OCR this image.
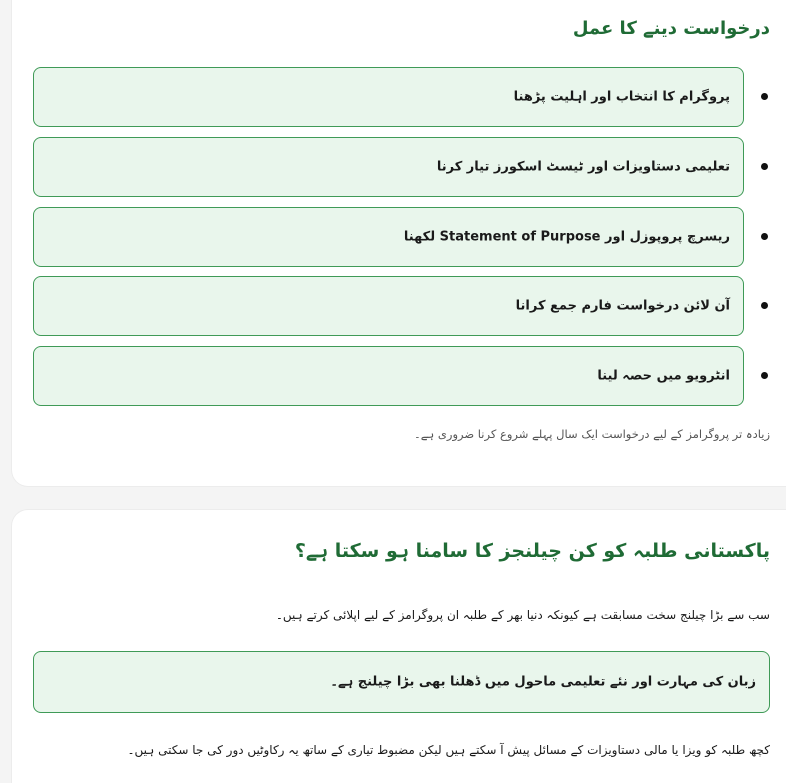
درخواست دینے کا عمل
پروگرام کا انتخاب اور اہلیت پڑھنا
تعلیمی دستاویزات اور ٹیسٹ اسکورز تیار کرنا
ریسرچ پروپوزل اور Statement of Purpose لکھنا
آن لائن درخواست فارم جمع کرانا
انٹرویو میں حصہ لینا
زیادہ تر پروگرامز کے لیے درخواست ایک سال پہلے شروع کرنا ضروری ہے۔
پاکستانی طلبہ کو کن چیلنجز کا سامنا ہو سکتا ہے؟
سب سے بڑا چیلنج سخت مسابقت ہے کیونکہ دنیا بھر کے طلبہ ان پروگرامز کے لیے اپلائی کرتے ہیں۔
زبان کی مہارت اور نئے تعلیمی ماحول میں ڈھلنا بھی بڑا چیلنج ہے۔
کچھ طلبہ کو ویزا یا مالی دستاویزات کے مسائل پیش آ سکتے ہیں لیکن مضبوط تیاری کے ساتھ یہ رکاوٹیں دور کی جا سکتی ہیں۔
